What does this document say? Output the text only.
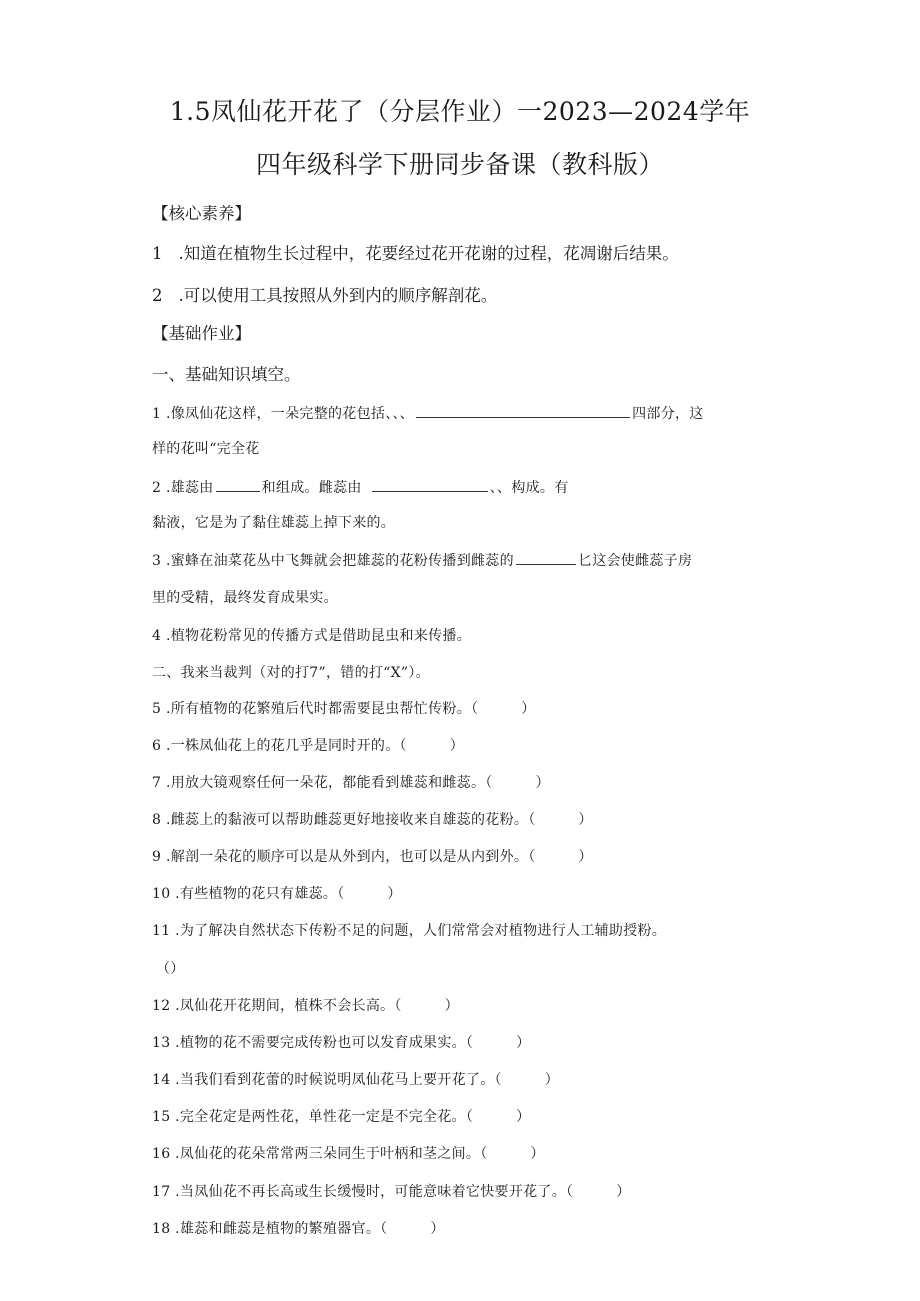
1.5凤仙花开花了（分层作业）一2023—2024学年
四年级科学下册同步备课（教科版）
【核心素养】
1 .知道在植物生长过程中，花要经过花开花谢的过程，花凋谢后结果。
2 .可以使用工具按照从外到内的顺序解剖花。
【基础作业】
一、基础知识填空。
1 .像凤仙花这样，一朵完整的花包括、、、	四部分，这
样的花叫“完全花
2 .雄蕊由	和组成。雌蕊由	、、构成。有
黏液，它是为了黏住雄蕊上掉下来的。
3 .蜜蜂在油菜花丛中飞舞就会把雄蕊的花粉传播到雌蕊的	匕这会使雌蕊子房
里的受精，最终发育成果实。
4 .植物花粉常见的传播方式是借助昆虫和来传播。
二、我来当裁判（对的打7”，错的打“X”）。
5 .所有植物的花繁殖后代时都需要昆虫帮忙传粉。（　　　）
6 .一株凤仙花上的花几乎是同时开的。（　　　）
7 .用放大镜观察任何一朵花，都能看到雄蕊和雌蕊。（　　　）
8 .雌蕊上的黏液可以帮助雌蕊更好地接收来自雄蕊的花粉。（　　　）
9 .解剖一朵花的顺序可以是从外到内，也可以是从内到外。（　　　）
10 .有些植物的花只有雄蕊。（　　　）
11 .为了解决自然状态下传粉不足的问题，人们常常会对植物进行人工辅助授粉。
（）
12 .凤仙花开花期间，植株不会长高。（　　　）
13 .植物的花不需要完成传粉也可以发育成果实。（　　　）
14 .当我们看到花蕾的时候说明凤仙花马上要开花了。（　　　）
15 .完全花定是两性花，单性花一定是不完全花。（　　　）
16 .凤仙花的花朵常常两三朵同生于叶柄和茎之间。（　　　）
17 .当凤仙花不再长高或生长缓慢时，可能意味着它快要开花了。（　　　）
18 .雄蕊和雌蕊是植物的繁殖器官。（　　　）
